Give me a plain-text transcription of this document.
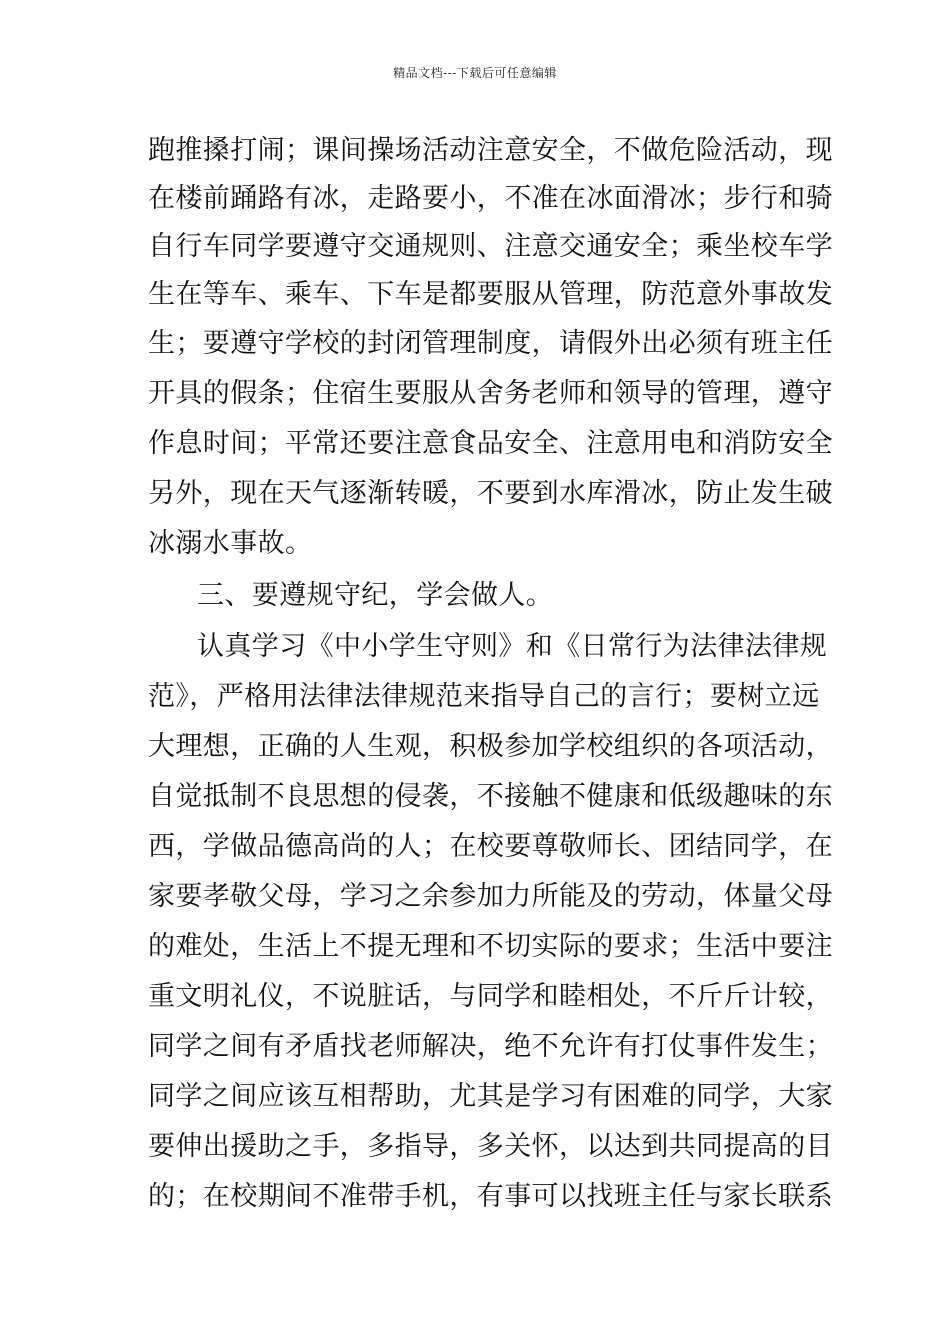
精品文档---下载后可任意编辑
跑推搡打闹；课间操场活动注意安全，不做危险活动，现
在楼前踊路有冰，走路要小，不准在冰面滑冰；步行和骑
自行车同学要遵守交通规则、注意交通安全；乘坐校车学
生在等车、乘车、下车是都要服从管理，防范意外事故发
生；要遵守学校的封闭管理制度，请假外出必须有班主任
开具的假条；住宿生要服从舍务老师和领导的管理，遵守
作息时间；平常还要注意食品安全、注意用电和消防安全
另外，现在天气逐渐转暖，不要到水库滑冰，防止发生破
冰溺水事故。
三、要遵规守纪，学会做人。
认真学习《中小学生守则》和《日常行为法律法律规
范》，严格用法律法律规范来指导自己的言行；要树立远
大理想，正确的人生观，积极参加学校组织的各项活动，
自觉抵制不良思想的侵袭，不接触不健康和低级趣味的东
西，学做品德高尚的人；在校要尊敬师长、团结同学，在
家要孝敬父母，学习之余参加力所能及的劳动，体量父母
的难处，生活上不提无理和不切实际的要求；生活中要注
重文明礼仪，不说脏话，与同学和睦相处，不斤斤计较，
同学之间有矛盾找老师解决，绝不允许有打仗事件发生；
同学之间应该互相帮助，尤其是学习有困难的同学，大家
要伸出援助之手，多指导，多关怀，以达到共同提高的目
的；在校期间不准带手机，有事可以找班主任与家长联系
